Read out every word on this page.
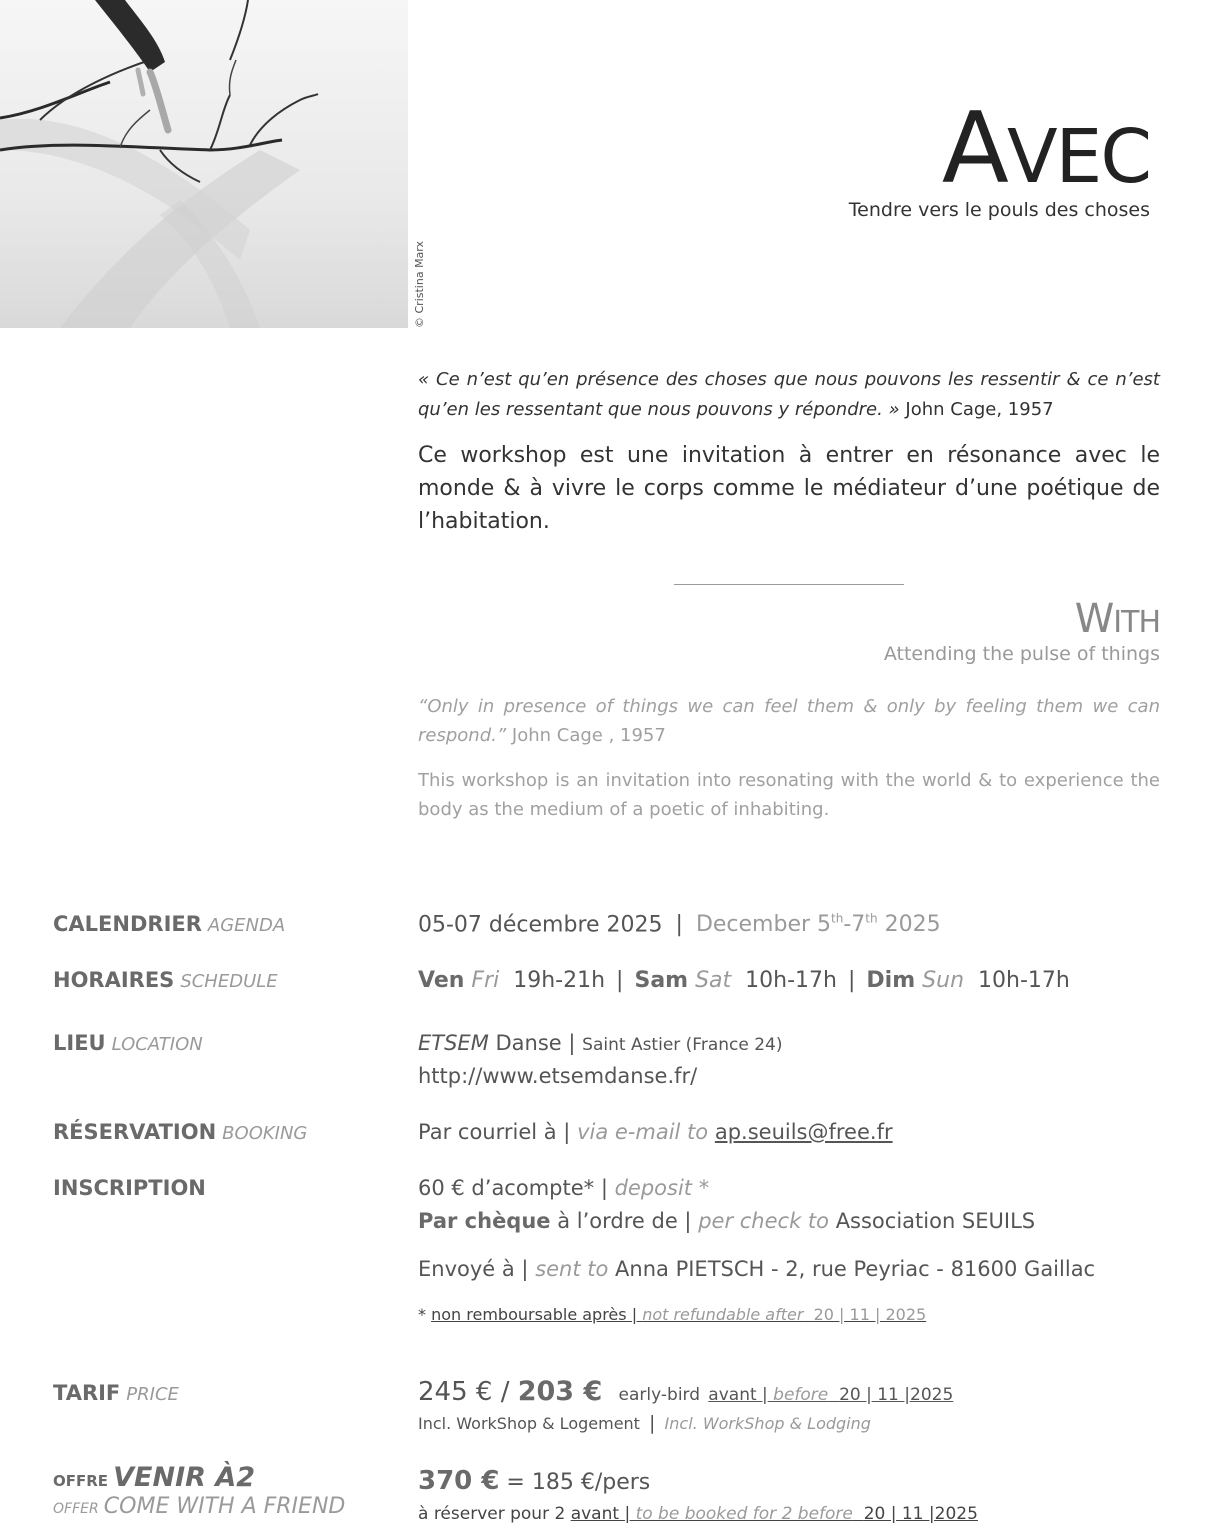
© Cristina Marx
AVEC
Tendre vers le pouls des choses
« Ce n’est qu’en présence des choses que nous pouvons les ressentir & ce n’est qu’en les ressentant que nous pouvons y répondre. » John Cage, 1957
Ce workshop est une invitation à entrer en résonance avec le monde & à vivre le corps comme le médiateur d’une poétique de l’habitation.
WITH
Attending the pulse of things
“Only in presence of things we can feel them & only by feeling them we can respond.” John Cage , 1957
This workshop is an invitation into resonating with the world & to experience the body as the medium of a poetic of inhabiting.
CALENDRIER AGENDA	05-07 décembre 2025 | December 5th-7th 2025
HORAIRES SCHEDULE	Ven Fri 19h-21h | Sam Sat 10h-17h | Dim Sun 10h-17h
LIEU LOCATION	ETSEM Danse | Saint Astier (France 24)
http://www.etsemdanse.fr/
RÉSERVATION BOOKING	Par courriel à | via e-mail to ap.seuils@free.fr
INSCRIPTION	60 € d’acompte* | deposit *
Par chèque à l’ordre de | per check to Association SEUILS
Envoyé à | sent to Anna PIETSCH - 2, rue Peyriac - 81600 Gaillac
* non remboursable après | not refundable after 20 | 11 | 2025
TARIF PRICE	245 € / 203 € early-bird avant | before 20 | 11 |2025
Incl. WorkShop & Logement | Incl. WorkShop & Lodging
OFFRE VENIR À2
OFFER COME WITH A FRIEND
370 € = 185 €/pers
à réserver pour 2 avant | to be booked for 2 before 20 | 11 |2025
